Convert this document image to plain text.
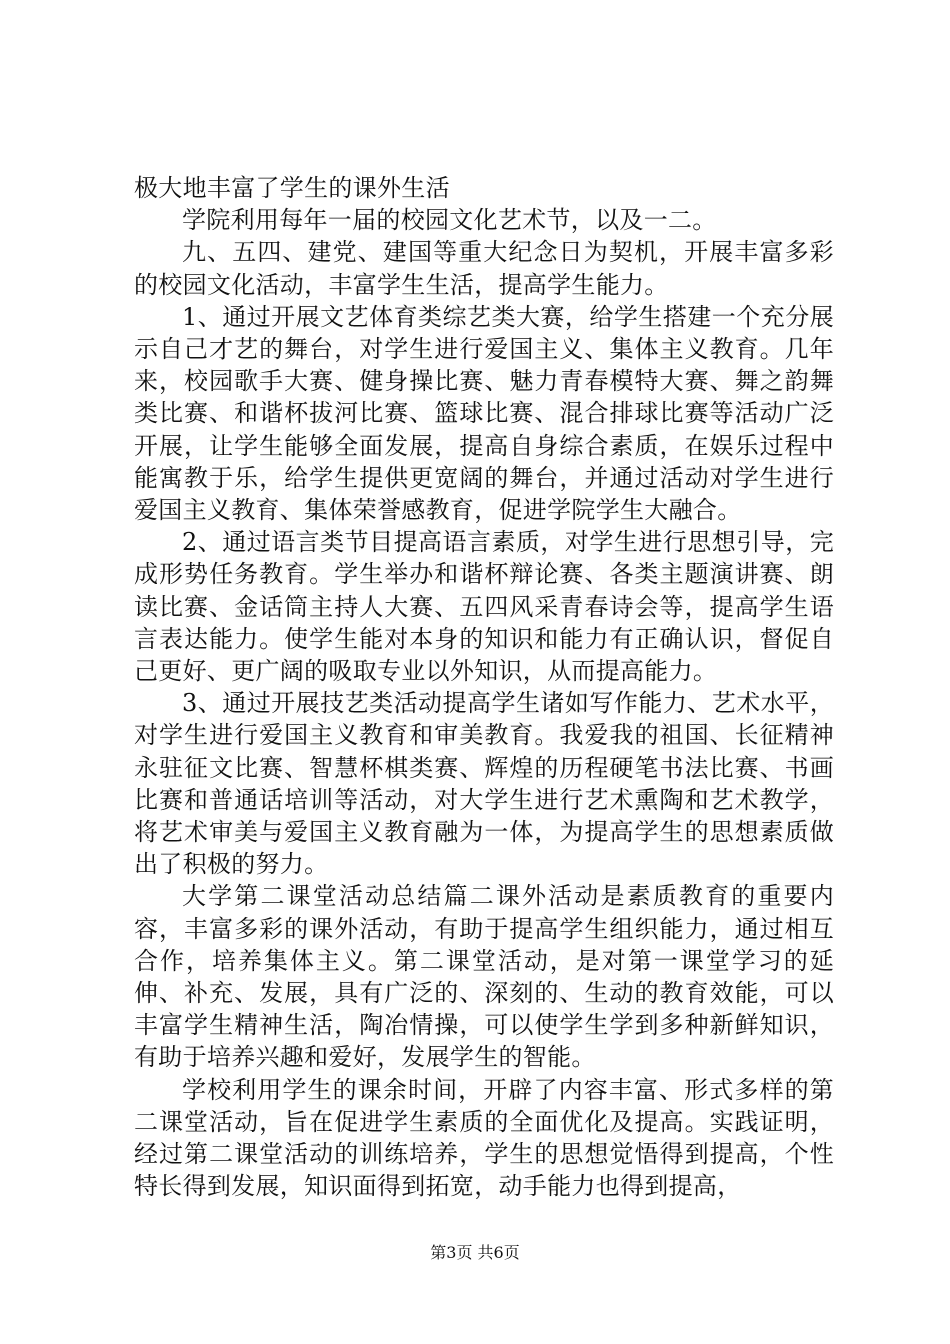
极大地丰富了学生的课外生活

学院利用每年一届的校园文化艺术节，以及一二。

九、五四、建党、建国等重大纪念日为契机，开展丰富多彩的校园文化活动，丰富学生生活，提高学生能力。

1、通过开展文艺体育类综艺类大赛，给学生搭建一个充分展示自己才艺的舞台，对学生进行爱国主义、集体主义教育。几年来，校园歌手大赛、健身操比赛、魅力青春模特大赛、舞之韵舞类比赛、和谐杯拔河比赛、篮球比赛、混合排球比赛等活动广泛开展，让学生能够全面发展，提高自身综合素质，在娱乐过程中能寓教于乐，给学生提供更宽阔的舞台，并通过活动对学生进行爱国主义教育、集体荣誉感教育，促进学院学生大融合。

2、通过语言类节目提高语言素质，对学生进行思想引导，完成形势任务教育。学生举办和谐杯辩论赛、各类主题演讲赛、朗读比赛、金话筒主持人大赛、五四风采青春诗会等，提高学生语言表达能力。使学生能对本身的知识和能力有正确认识，督促自己更好、更广阔的吸取专业以外知识，从而提高能力。

3、通过开展技艺类活动提高学生诸如写作能力、艺术水平，对学生进行爱国主义教育和审美教育。我爱我的祖国、长征精神永驻征文比赛、智慧杯棋类赛、辉煌的历程硬笔书法比赛、书画比赛和普通话培训等活动，对大学生进行艺术熏陶和艺术教学，将艺术审美与爱国主义教育融为一体，为提高学生的思想素质做出了积极的努力。

大学第二课堂活动总结篇二课外活动是素质教育的重要内容，丰富多彩的课外活动，有助于提高学生组织能力，通过相互合作，培养集体主义。第二课堂活动，是对第一课堂学习的延伸、补充、发展，具有广泛的、深刻的、生动的教育效能，可以丰富学生精神生活，陶冶情操，可以使学生学到多种新鲜知识，有助于培养兴趣和爱好，发展学生的智能。

学校利用学生的课余时间，开辟了内容丰富、形式多样的第二课堂活动，旨在促进学生素质的全面优化及提高。实践证明，经过第二课堂活动的训练培养，学生的思想觉悟得到提高，个性特长得到发展，知识面得到拓宽，动手能力也得到提高，

第3页 共6页
